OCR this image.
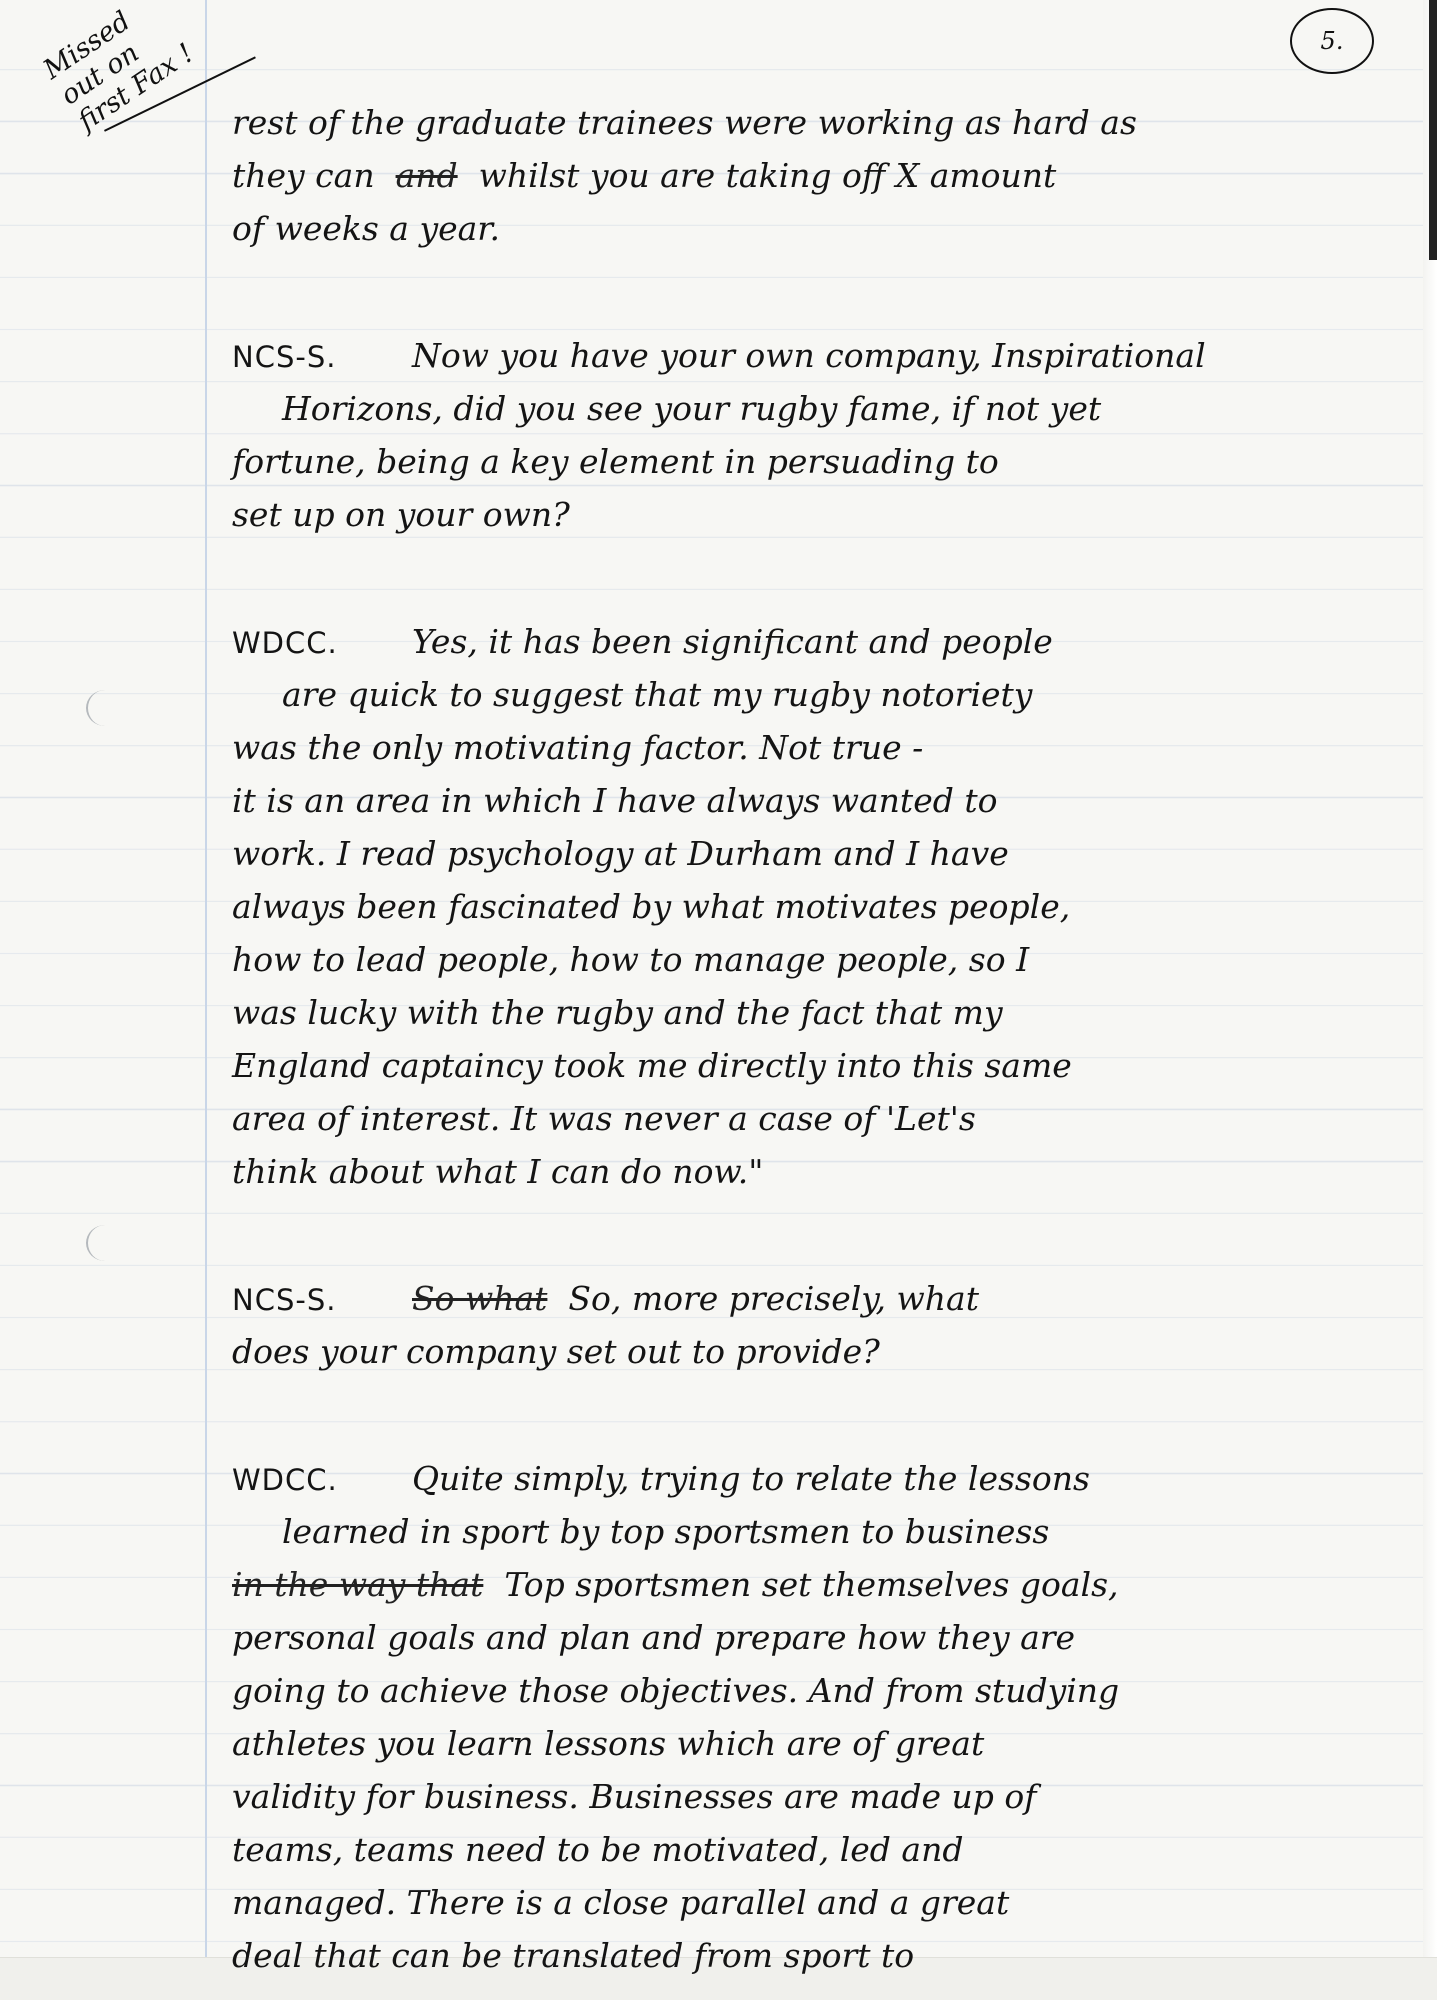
Missed
out on
first Fax !	5.
rest of the graduate trainees were working as hard as
they can and whilst you are taking off X amount
of weeks a year.
NCS-S. Now you have your own company, Inspirational
Horizons, did you see your rugby fame, if not yet
fortune, being a key element in persuading to
set up on your own?
WDCC. Yes, it has been significant and people
are quick to suggest that my rugby notoriety
was the only motivating factor. Not true -
it is an area in which I have always wanted to
work. I read psychology at Durham and I have
always been fascinated by what motivates people,
how to lead people, how to manage people, so I
was lucky with the rugby and the fact that my
England captaincy took me directly into this same
area of interest. It was never a case of 'Let's
think about what I can do now."
NCS-S. So what So, more precisely, what
does your company set out to provide?
WDCC. Quite simply, trying to relate the lessons
learned in sport by top sportsmen to business
in the way that Top sportsmen set themselves goals,
personal goals and plan and prepare how they are
going to achieve those objectives. And from studying
athletes you learn lessons which are of great
validity for business. Businesses are made up of
teams, teams need to be motivated, led and
managed. There is a close parallel and a great
deal that can be translated from sport to
